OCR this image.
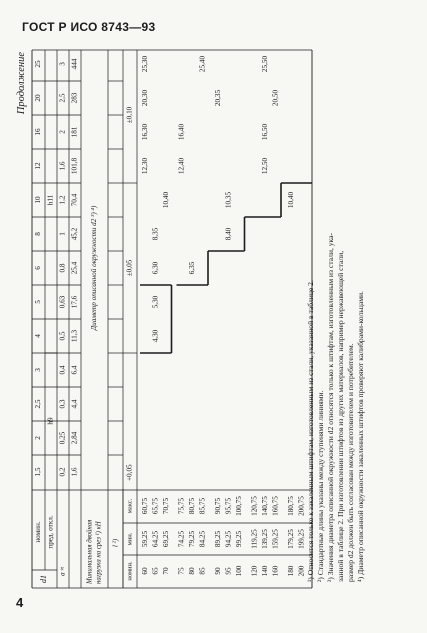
ГОСТ Р ИСО 8743—93
4
Продолжение
d1
номин. пред. откл.
a ≈	Минимальная двойная нагрузка на срез ¹) кН l ²)
номин.
мин.
макс.
1,5
2
2,5
3
4
5
6
8
10
12
16
20
25
h9
h11
0,2
0,25
0,3
0,4
0,5
0,63
0,8
1
1,2
1,6
2
2,5
3
1,6
2,84
4,4
6,4
11,3
17,6
25,4
45,2
70,4
101,8
181
283
444
Диаметр описанной окружности d2 ³) ⁴)
+0,05
±0,05
±0,10
60
59,25
60,75
65
64,25
65,75
70
69,25
70,75
75
74,25
75,75
80
79,25
80,75
85
84,25
85,75
90
89,25
90,75
95
94,25
95,75
100
99,25
100,75
120
119,25
120,75
140
139,25
140,75
160
159,25
160,75
180
179,25
180,75
200
199,25
200,75
4,30
5,30
6,30
8,35
10,40
12,30
16,30
20,30
25,30
6,35
12,40
16,40
20,35
25,40
8,40
10,35
12,50
16,50
20,50
25,50
10,40
¹) Относится только к закаленным штифтам, изготовленным из стали, указанной в таблице 2. ²) Стандартные длины указаны между ступенями линиями. ³) Значения диаметра описанной окружности d2 относятся только к штифтам, изготовленным из стали, ука- занной в таблице 2. При изготовлении штифтов из других материалов, например нержавеющей стали, размер d2 должен быть согласован между изготовителем и потребителем. ⁴) Диаметр описанной окружности закаленных штифтов проверяют калибрами-кольцами.
